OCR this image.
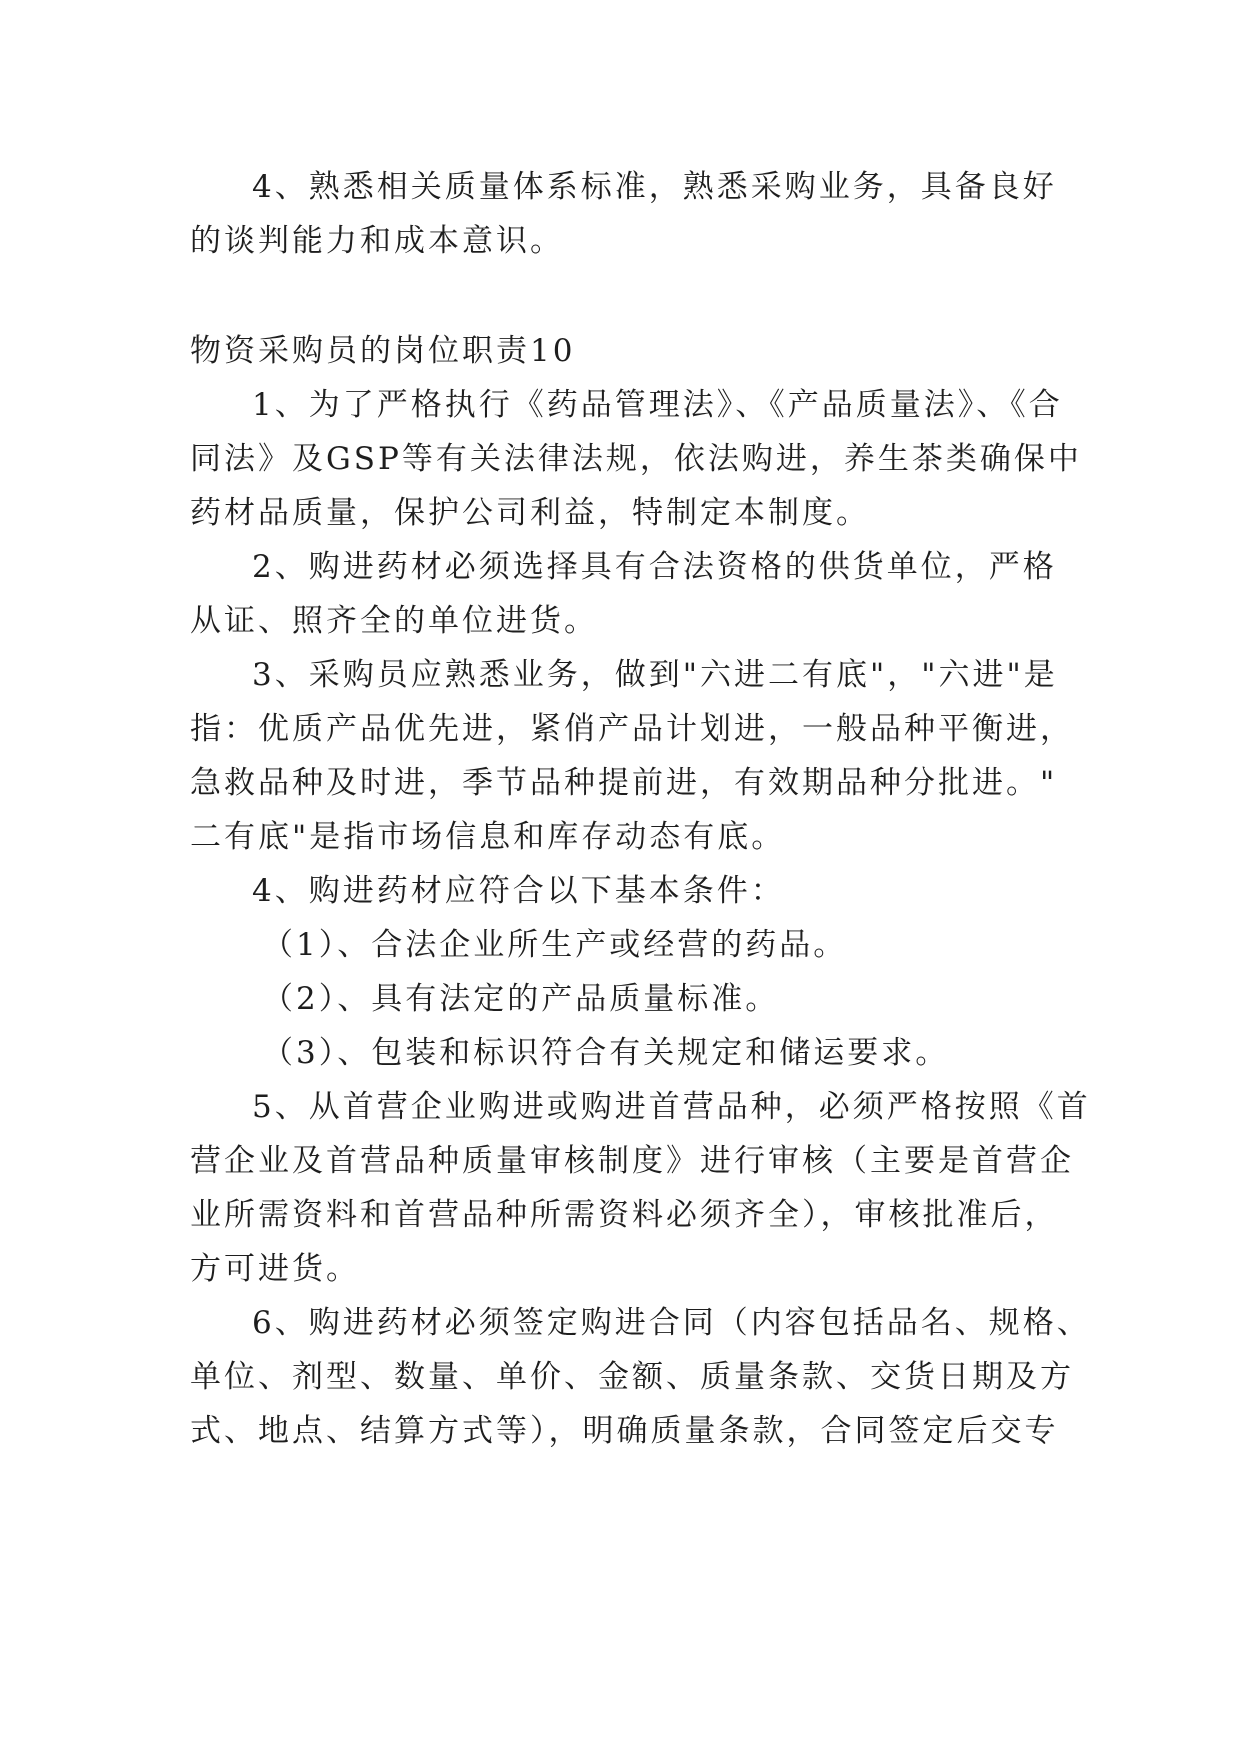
4、熟悉相关质量体系标准，熟悉采购业务，具备良好

的谈判能力和成本意识。

物资采购员的岗位职责10

1、为了严格执行《药品管理法》、《产品质量法》、《合

同法》及GSP等有关法律法规，依法购进，养生茶类确保中

药材品质量，保护公司利益，特制定本制度。

2、购进药材必须选择具有合法资格的供货单位，严格

从证、照齐全的单位进货。

3、采购员应熟悉业务，做到"六进二有底"，"六进"是

指：优质产品优先进，紧俏产品计划进，一般品种平衡进，

急救品种及时进，季节品种提前进，有效期品种分批进。"

二有底"是指市场信息和库存动态有底。

4、购进药材应符合以下基本条件：

（1）、合法企业所生产或经营的药品。

（2）、具有法定的产品质量标准。

（3）、包装和标识符合有关规定和储运要求。

5、从首营企业购进或购进首营品种，必须严格按照《首

营企业及首营品种质量审核制度》进行审核（主要是首营企

业所需资料和首营品种所需资料必须齐全），审核批准后，

方可进货。

6、购进药材必须签定购进合同（内容包括品名、规格、

单位、剂型、数量、单价、金额、质量条款、交货日期及方

式、地点、结算方式等），明确质量条款，合同签定后交专
